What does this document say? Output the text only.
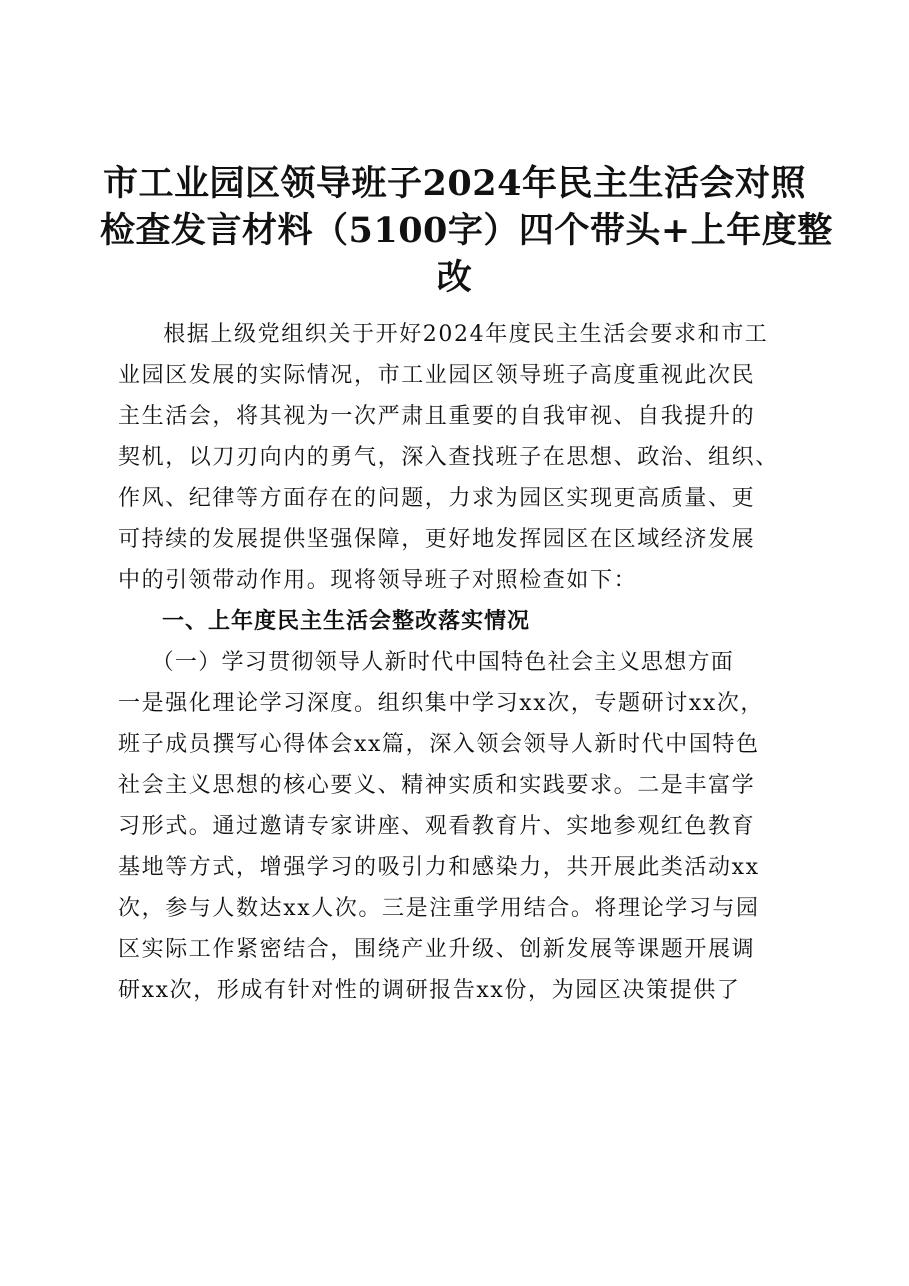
市工业园区领导班子2024年民主生活会对照
检查发言材料（5100字）四个带头+上年度整
改
　　根据上级党组织关于开好2024年度民主生活会要求和市工
业园区发展的实际情况，市工业园区领导班子高度重视此次民
主生活会，将其视为一次严肃且重要的自我审视、自我提升的
契机，以刀刃向内的勇气，深入查找班子在思想、政治、组织、
作风、纪律等方面存在的问题，力求为园区实现更高质量、更
可持续的发展提供坚强保障，更好地发挥园区在区域经济发展
中的引领带动作用。现将领导班子对照检查如下：
　　一、上年度民主生活会整改落实情况
　　（一）学习贯彻领导人新时代中国特色社会主义思想方面
一是强化理论学习深度。组织集中学习xx次，专题研讨xx次，
班子成员撰写心得体会xx篇，深入领会领导人新时代中国特色
社会主义思想的核心要义、精神实质和实践要求。二是丰富学
习形式。通过邀请专家讲座、观看教育片、实地参观红色教育
基地等方式，增强学习的吸引力和感染力，共开展此类活动xx
次，参与人数达xx人次。三是注重学用结合。将理论学习与园
区实际工作紧密结合，围绕产业升级、创新发展等课题开展调
研xx次，形成有针对性的调研报告xx份，为园区决策提供了
